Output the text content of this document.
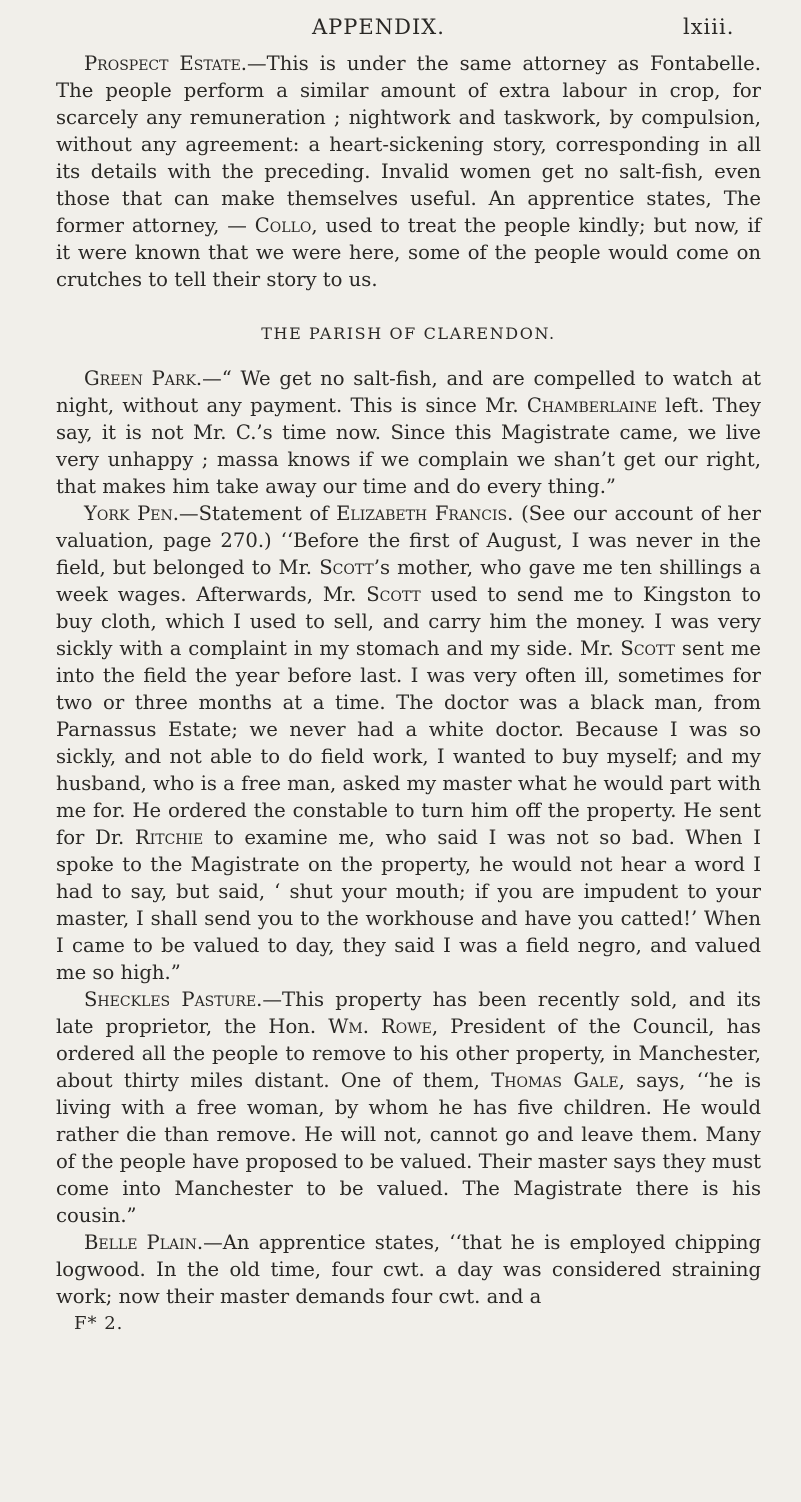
APPENDIX.	lxiii.

Prospect Estate.—This is under the same attorney as Fontabelle. The people perform a similar amount of extra labour in crop, for scarcely any remuneration ; nightwork and taskwork, by compulsion, without any agreement: a heart-sickening story, corresponding in all its details with the preceding. Invalid women get no salt-fish, even those that can make themselves useful. An apprentice states, The former attorney, — Collo, used to treat the people kindly; but now, if it were known that we were here, some of the people would come on crutches to tell their story to us.

THE PARISH OF CLARENDON.

Green Park.—“ We get no salt-fish, and are compelled to watch at night, without any payment. This is since Mr. Chamberlaine left. They say, it is not Mr. C.’s time now. Since this Magistrate came, we live very unhappy ; massa knows if we complain we shan’t get our right, that makes him take away our time and do every thing.”

York Pen.—Statement of Elizabeth Francis. (See our account of her valuation, page 270.) ‘‘Before the first of August, I was never in the field, but belonged to Mr. Scott’s mother, who gave me ten shillings a week wages. Afterwards, Mr. Scott used to send me to Kingston to buy cloth, which I used to sell, and carry him the money. I was very sickly with a complaint in my stomach and my side. Mr. Scott sent me into the field the year before last. I was very often ill, sometimes for two or three months at a time. The doctor was a black man, from Parnassus Estate; we never had a white doctor. Because I was so sickly, and not able to do field work, I wanted to buy myself; and my husband, who is a free man, asked my master what he would part with me for. He ordered the constable to turn him off the property. He sent for Dr. Ritchie to examine me, who said I was not so bad. When I spoke to the Magistrate on the property, he would not hear a word I had to say, but said, ‘ shut your mouth; if you are impudent to your master, I shall send you to the workhouse and have you catted!’ When I came to be valued to day, they said I was a field negro, and valued me so high.”

Sheckles Pasture.—This property has been recently sold, and its late proprietor, the Hon. Wm. Rowe, President of the Council, has ordered all the people to remove to his other property, in Manchester, about thirty miles distant. One of them, Thomas Gale, says, ‘‘he is living with a free woman, by whom he has five children. He would rather die than remove. He will not, cannot go and leave them. Many of the people have proposed to be valued. Their master says they must come into Manchester to be valued. The Magistrate there is his cousin.”

Belle Plain.—An apprentice states, ‘‘that he is employed chipping logwood. In the old time, four cwt. a day was considered straining work; now their master demands four cwt. and a

F* 2.
